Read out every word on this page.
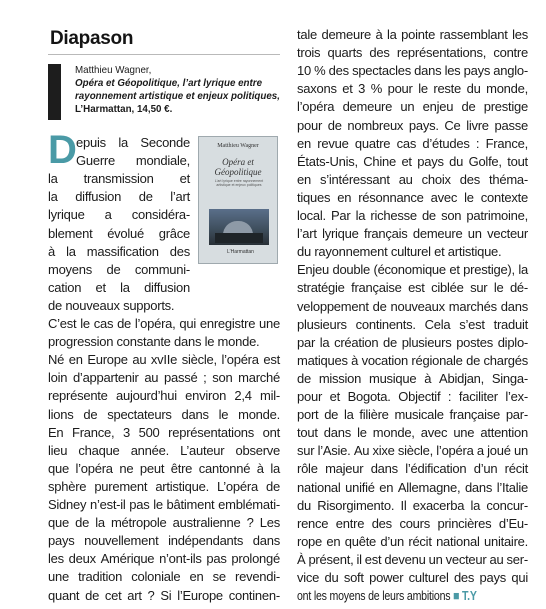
Diapason
Matthieu Wagner,
Opéra et Géopolitique, l’art lyrique entre
rayonnement artistique et enjeux politiques,
L’Harmattan, 14,50 €.
D	Matthieu Wagner
Opéra et
Géopolitique
L’art lyrique entre rayonnement artistique et enjeux politiques
L’Harmattan
epuis la Seconde
Guerre mondiale,
la transmission et
la diffusion de l’art
lyrique a considéra-
blement évolué grâce
à la massification des
moyens de communi-
cation et la diffusion
de nouveaux supports.
C’est le cas de l’opéra, qui enregistre une
progression constante dans le monde.
Né en Europe au xvIIe siècle, l’opéra est
loin d’appartenir au passé ; son marché
représente aujourd’hui environ 2,4 mil-
lions de spectateurs dans le monde.
En France, 3 500 représentations ont
lieu chaque année. L’auteur observe
que l’opéra ne peut être cantonné à la
sphère purement artistique. L’opéra de
Sidney n’est-il pas le bâtiment emblémati-
que de la métropole australienne ? Les
pays nouvellement indépendants dans
les deux Amérique n’ont-ils pas prolongé
une tradition coloniale en se revendi-
quant de cet art ? Si l’Europe continen-
tale demeure à la pointe rassemblant les
trois quarts des représentations, contre
10 % des spectacles dans les pays anglo-
saxons et 3 % pour le reste du monde,
l’opéra demeure un enjeu de prestige
pour de nombreux pays. Ce livre passe
en revue quatre cas d’études : France,
États-Unis, Chine et pays du Golfe, tout
en s’intéressant au choix des théma-
tiques en résonnance avec le contexte
local. Par la richesse de son patrimoine,
l’art lyrique français demeure un vecteur
du rayonnement culturel et artistique.
Enjeu double (économique et prestige), la
stratégie française est ciblée sur le dé-
veloppement de nouveaux marchés dans
plusieurs continents. Cela s’est traduit
par la création de plusieurs postes diplo-
matiques à vocation régionale de chargés
de mission musique à Abidjan, Singa-
pour et Bogota. Objectif : faciliter l’ex-
port de la filière musicale française par-
tout dans le monde, avec une attention
sur l’Asie. Au xixe siècle, l’opéra a joué un
rôle majeur dans l’édification d’un récit
national unifié en Allemagne, dans l’Italie
du Risorgimento. Il exacerba la concur-
rence entre des cours princières d’Eu-
rope en quête d’un récit national unitaire.
À présent, il est devenu un vecteur au ser-
vice du soft power culturel des pays qui
ont les moyens de leurs ambitions ■ T.Y
